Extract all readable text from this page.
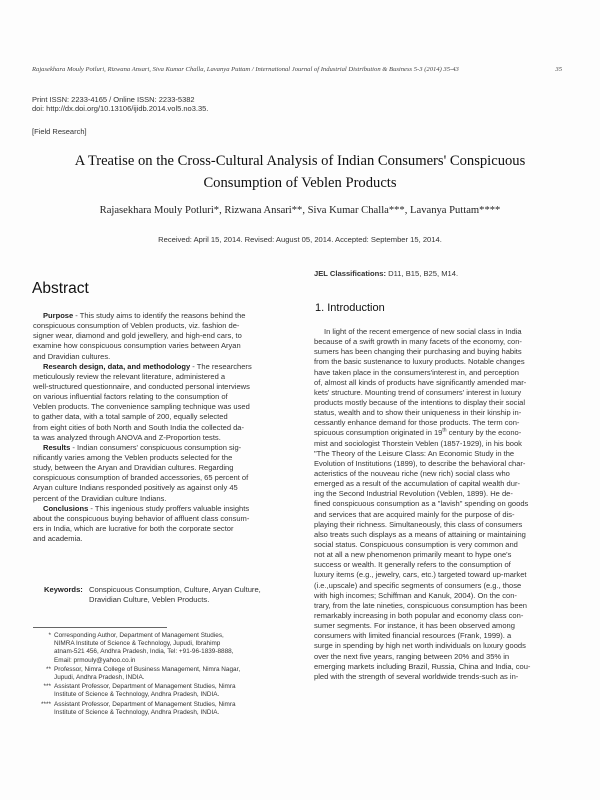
Rajasekhara Mouly Potluri, Rizwana Ansari, Siva Kumar Challa, Lavanya Puttam / International Journal of Industrial Distribution & Business 5-3 (2014) 35-43	35
Print ISSN: 2233-4165 / Online ISSN: 2233-5382
doi: http://dx.doi.org/10.13106/ijidb.2014.vol5.no3.35.
[Field Research]
A Treatise on the Cross-Cultural Analysis of Indian Consumers' Conspicuous
Consumption of Veblen Products
Rajasekhara Mouly Potluri*, Rizwana Ansari**, Siva Kumar Challa***, Lavanya Puttam****
Received: April 15, 2014. Revised: August 05, 2014. Accepted: September 15, 2014.
JEL Classifications: D11, B15, B25, M14.
Abstract
Purpose - This study aims to identify the reasons behind the
conspicuous consumption of Veblen products, viz. fashion de-
signer wear, diamond and gold jewellery, and high-end cars, to
examine how conspicuous consumption varies between Aryan
and Dravidian cultures.
Research design, data, and methodology - The researchers
meticulously review the relevant literature, administered a
well-structured questionnaire, and conducted personal interviews
on various influential factors relating to the consumption of
Veblen products. The convenience sampling technique was used
to gather data, with a total sample of 200, equally selected
from eight cities of both North and South India the collected da-
ta was analyzed through ANOVA and Z-Proportion tests.
Results - Indian consumers' conspicuous consumption sig-
nificantly varies among the Veblen products selected for the
study, between the Aryan and Dravidian cultures. Regarding
conspicuous consumption of branded accessories, 65 percent of
Aryan culture Indians responded positively as against only 45
percent of the Dravidian culture Indians.
Conclusions - This ingenious study proffers valuable insights
about the conspicuous buying behavior of affluent class consum-
ers in India, which are lucrative for both the corporate sector
and academia.
Keywords: Conspicuous Consumption, Culture, Aryan Culture,
Dravidian Culture, Veblen Products.
* Corresponding Author, Department of Management Studies,
NIMRA Institute of Science & Technology, Jupudi, Ibrahimp
atnam-521 456, Andhra Pradesh, India, Tel: +91-96-1839-8888,
Email: prmouly@yahoo.co.in
** Professor, Nimra College of Business Management, Nimra Nagar,
Jupudi, Andhra Pradesh, INDIA.
*** Assistant Professor, Department of Management Studies, Nimra
Institute of Science & Technology, Andhra Pradesh, INDIA.
**** Assistant Professor, Department of Management Studies, Nimra
Institute of Science & Technology, Andhra Pradesh, INDIA.
1. Introduction
In light of the recent emergence of new social class in India
because of a swift growth in many facets of the economy, con-
sumers has been changing their purchasing and buying habits
from the basic sustenance to luxury products. Notable changes
have taken place in the consumers'interest in, and perception
of, almost all kinds of products have significantly amended mar-
kets' structure. Mounting trend of consumers' interest in luxury
products mostly because of the intentions to display their social
status, wealth and to show their uniqueness in their kinship in-
cessantly enhance demand for those products. The term con-
spicuous consumption originated in 19th century by the econo-
mist and sociologist Thorstein Veblen (1857-1929), in his book
"The Theory of the Leisure Class: An Economic Study in the
Evolution of Institutions (1899), to describe the behavioral char-
acteristics of the nouveau riche (new rich) social class who
emerged as a result of the accumulation of capital wealth dur-
ing the Second Industrial Revolution (Veblen, 1899). He de-
fined conspicuous consumption as a "lavish" spending on goods
and services that are acquired mainly for the purpose of dis-
playing their richness. Simultaneously, this class of consumers
also treats such displays as a means of attaining or maintaining
social status. Conspicuous consumption is very common and
not at all a new phenomenon primarily meant to hype one's
success or wealth. It generally refers to the consumption of
luxury items (e.g., jewelry, cars, etc.) targeted toward up-market
(i.e.,upscale) and specific segments of consumers (e.g., those
with high incomes; Schiffman and Kanuk, 2004). On the con-
trary, from the late nineties, conspicuous consumption has been
remarkably increasing in both popular and economy class con-
sumer segments. For instance, it has been observed among
consumers with limited financial resources (Frank, 1999). a
surge in spending by high net worth individuals on luxury goods
over the next five years, ranging between 20% and 35% in
emerging markets including Brazil, Russia, China and India, cou-
pled with the strength of several worldwide trends-such as in-
